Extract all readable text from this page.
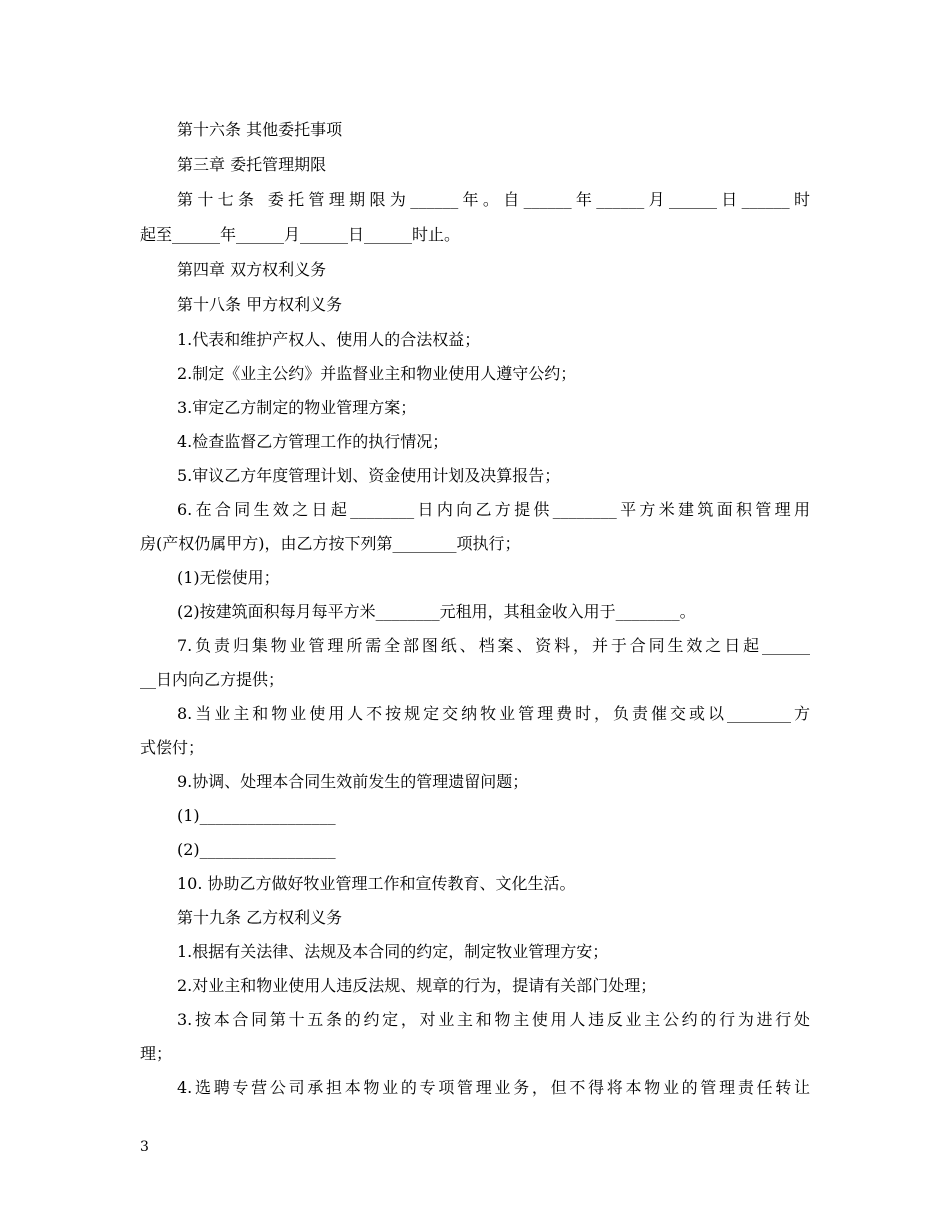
第十六条 其他委托事项
第三章 委托管理期限
第十七条 委托管理期限为______年。自______年______月______日______时
起至______年______月______日______时止。
第四章 双方权利义务
第十八条 甲方权利义务
1.代表和维护产权人、使用人的合法权益；
2.制定《业主公约》并监督业主和物业使用人遵守公约；
3.审定乙方制定的物业管理方案；
4.检查监督乙方管理工作的执行情况；
5.审议乙方年度管理计划、资金使用计划及决算报告；
6.在合同生效之日起________日内向乙方提供________平方米建筑面积管理用
房(产权仍属甲方)，由乙方按下列第________项执行；
(1)无偿使用；
(2)按建筑面积每月每平方米________元租用，其租金收入用于________。
7.负责归集物业管理所需全部图纸、档案、资料，并于合同生效之日起______
__日内向乙方提供；
8.当业主和物业使用人不按规定交纳牧业管理费时，负责催交或以________方
式偿付；
9.协调、处理本合同生效前发生的管理遗留问题；
(1)_________________
(2)_________________
10. 协助乙方做好牧业管理工作和宣传教育、文化生活。
第十九条 乙方权利义务
1.根据有关法律、法规及本合同的约定，制定牧业管理方安；
2.对业主和物业使用人违反法规、规章的行为，提请有关部门处理；
3.按本合同第十五条的约定，对业主和物主使用人违反业主公约的行为进行处
理；
4.选聘专营公司承担本物业的专项管理业务，但不得将本物业的管理责任转让
3
